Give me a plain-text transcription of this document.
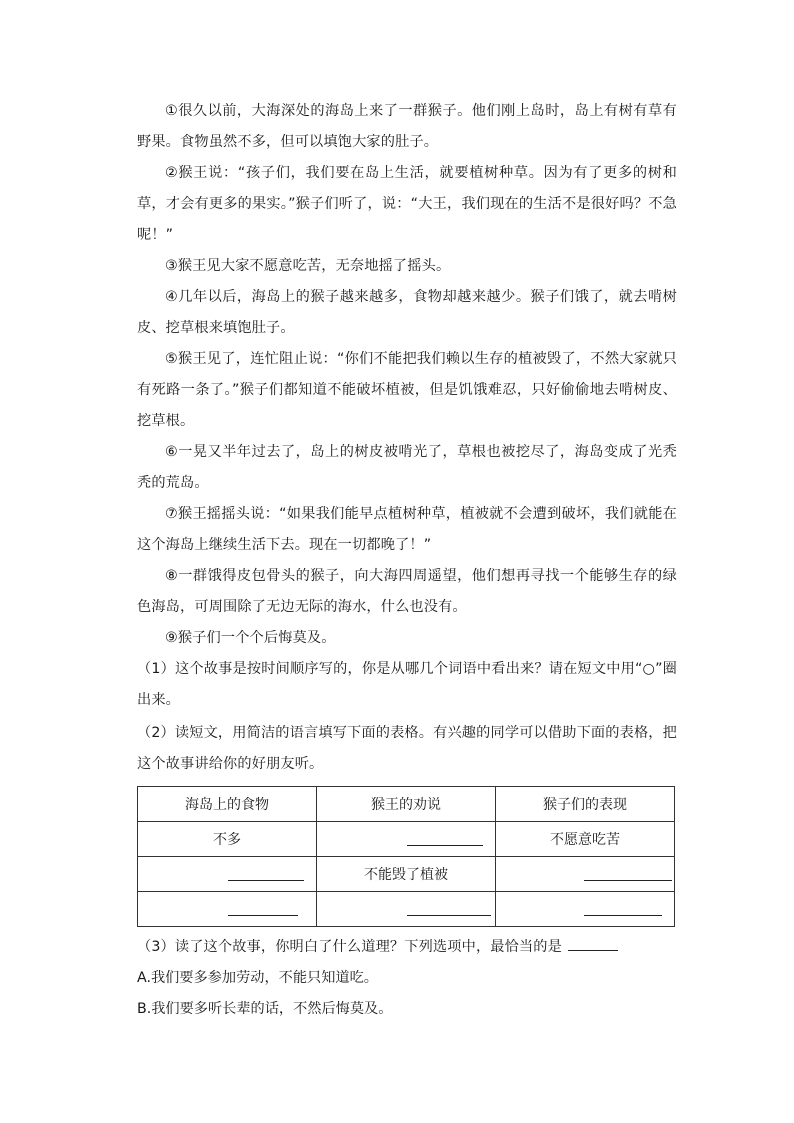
①很久以前，大海深处的海岛上来了一群猴子。他们刚上岛时，岛上有树有草有野果。食物虽然不多，但可以填饱大家的肚子。

②猴王说：“孩子们，我们要在岛上生活，就要植树种草。因为有了更多的树和草，才会有更多的果实。”猴子们听了，说：“大王，我们现在的生活不是很好吗？不急呢！”

③猴王见大家不愿意吃苦，无奈地摇了摇头。

④几年以后，海岛上的猴子越来越多，食物却越来越少。猴子们饿了，就去啃树皮、挖草根来填饱肚子。

⑤猴王见了，连忙阻止说：“你们不能把我们赖以生存的植被毁了，不然大家就只有死路一条了。”猴子们都知道不能破坏植被，但是饥饿难忍，只好偷偷地去啃树皮、挖草根。

⑥一晃又半年过去了，岛上的树皮被啃光了，草根也被挖尽了，海岛变成了光秃秃的荒岛。

⑦猴王摇摇头说：“如果我们能早点植树种草，植被就不会遭到破坏，我们就能在这个海岛上继续生活下去。现在一切都晚了！”

⑧一群饿得皮包骨头的猴子，向大海四周遥望，他们想再寻找一个能够生存的绿色海岛，可周围除了无边无际的海水，什么也没有。

⑨猴子们一个个后悔莫及。

（1）这个故事是按时间顺序写的，你是从哪几个词语中看出来？请在短文中用“○”圈出来。

（2）读短文，用简洁的语言填写下面的表格。有兴趣的同学可以借助下面的表格，把这个故事讲给你的好朋友听。

海岛上的食物	猴王的劝说	猴子们的表现
不多		不愿意吃苦

	不能毁了植被	

（3）读了这个故事，你明白了什么道理？下列选项中，最恰当的是

A.我们要多参加劳动，不能只知道吃。

B.我们要多听长辈的话，不然后悔莫及。
